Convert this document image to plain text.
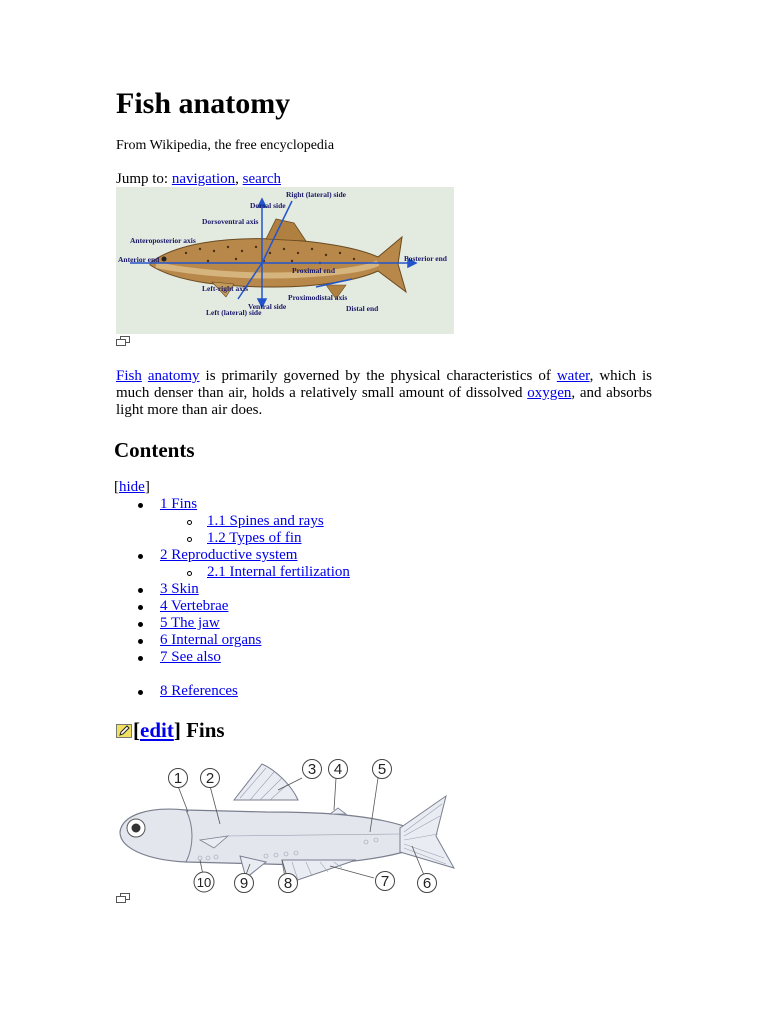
Fish anatomy
From Wikipedia, the free encyclopedia
Jump to: navigation, search
Dorsal side
Right (lateral) side
Dorsoventral axis
Anteroposterior axis
Anterior end	Posterior end
Proximal end
Left-right axis
Ventral side
Proximodistal axis
Distal end
Left (lateral) side

Fish anatomy is primarily governed by the physical characteristics of water, which is much denser than air, holds a relatively small amount of dissolved oxygen, and absorbs light more than air does.

Contents
[hide]
1 Fins
1.1 Spines and rays
1.2 Types of fin
2 Reproductive system
2.1 Internal fertilization
3 Skin
4 Vertebrae
5 The jaw
6 Internal organs
7 See also
8 References
[edit] Fins
1 2
3 4 5
6
7
8
9
10
